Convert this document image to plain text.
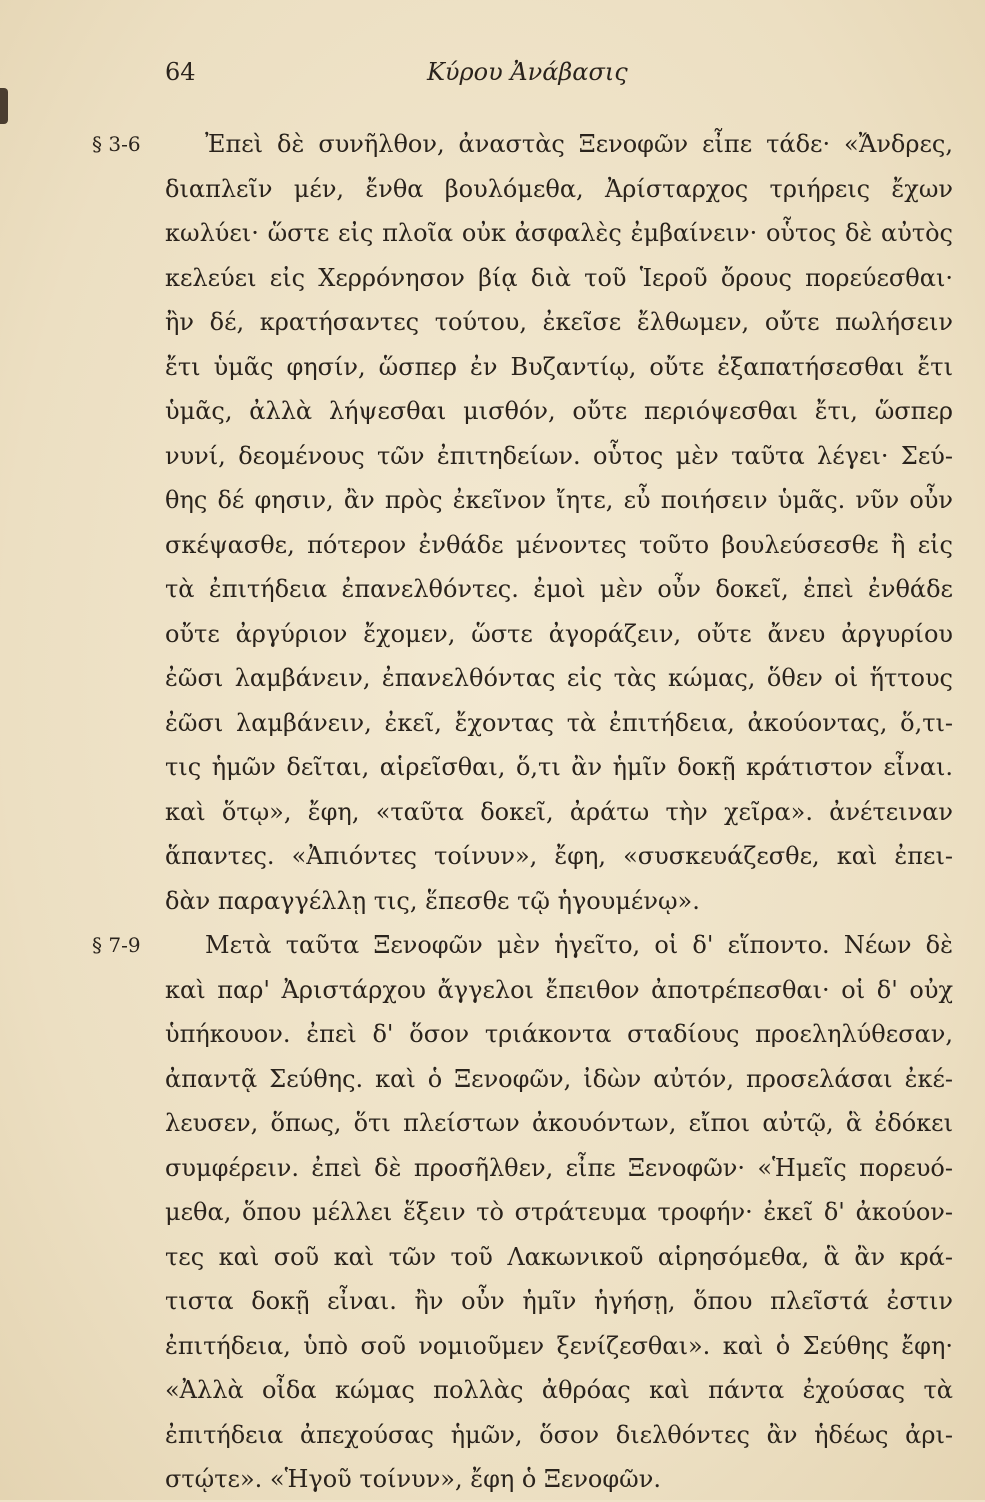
64	Κύρου Ἀνάβασις
§ 3-6	Ἐπεὶ δὲ συνῆλθον, ἀναστὰς Ξενοφῶν εἶπε τάδε· «Ἄνδρες,
διαπλεῖν μέν, ἔνθα βουλόμεθα, Ἀρίσταρχος τριήρεις ἔχων
κωλύει· ὥστε εἰς πλοῖα οὐκ ἀσφαλὲς ἐμβαίνειν· οὗτος δὲ αὐτὸς
κελεύει εἰς Χερρόνησον βίᾳ διὰ τοῦ Ἱεροῦ ὄρους πορεύεσθαι·
ἢν δέ, κρατήσαντες τούτου, ἐκεῖσε ἔλθωμεν, οὔτε πωλήσειν
ἔτι ὑμᾶς φησίν, ὥσπερ ἐν Βυζαντίῳ, οὔτε ἐξαπατήσεσθαι ἔτι
ὑμᾶς, ἀλλὰ λήψεσθαι μισθόν, οὔτε περιόψεσθαι ἔτι, ὥσπερ
νυνί, δεομένους τῶν ἐπιτηδείων. οὗτος μὲν ταῦτα λέγει· Σεύ-
θης δέ φησιν, ἂν πρὸς ἐκεῖνον ἴητε, εὖ ποιήσειν ὑμᾶς. νῦν οὖν
σκέψασθε, πότερον ἐνθάδε μένοντες τοῦτο βουλεύσεσθε ἢ εἰς
τὰ ἐπιτήδεια ἐπανελθόντες. ἐμοὶ μὲν οὖν δοκεῖ, ἐπεὶ ἐνθάδε
οὔτε ἀργύριον ἔχομεν, ὥστε ἀγοράζειν, οὔτε ἄνευ ἀργυρίου
ἐῶσι λαμβάνειν, ἐπανελθόντας εἰς τὰς κώμας, ὅθεν οἱ ἥττους
ἐῶσι λαμβάνειν, ἐκεῖ, ἔχοντας τὰ ἐπιτήδεια, ἀκούοντας, ὅ,τι-
τις ἡμῶν δεῖται, αἱρεῖσθαι, ὅ,τι ἂν ἡμῖν δοκῇ κράτιστον εἶναι.
καὶ ὅτῳ», ἔφη, «ταῦτα δοκεῖ, ἀράτω τὴν χεῖρα». ἀνέτειναν
ἅπαντες. «Ἀπιόντες τοίνυν», ἔφη, «συσκευάζεσθε, καὶ ἐπει-
δὰν παραγγέλλῃ τις, ἕπεσθε τῷ ἡγουμένῳ».
§ 7-9	Μετὰ ταῦτα Ξενοφῶν μὲν ἡγεῖτο, οἱ δ' εἵποντο. Νέων δὲ
καὶ παρ' Ἀριστάρχου ἄγγελοι ἔπειθον ἀποτρέπεσθαι· οἱ δ' οὐχ
ὑπήκουον. ἐπεὶ δ' ὅσον τριάκοντα σταδίους προεληλύθεσαν,
ἀπαντᾷ Σεύθης. καὶ ὁ Ξενοφῶν, ἰδὼν αὐτόν, προσελάσαι ἐκέ-
λευσεν, ὅπως, ὅτι πλείστων ἀκουόντων, εἴποι αὐτῷ, ἃ ἐδόκει
συμφέρειν. ἐπεὶ δὲ προσῆλθεν, εἶπε Ξενοφῶν· «Ἡμεῖς πορευό-
μεθα, ὅπου μέλλει ἕξειν τὸ στράτευμα τροφήν· ἐκεῖ δ' ἀκούον-
τες καὶ σοῦ καὶ τῶν τοῦ Λακωνικοῦ αἱρησόμεθα, ἃ ἂν κρά-
τιστα δοκῇ εἶναι. ἢν οὖν ἡμῖν ἡγήσῃ, ὅπου πλεῖστά ἐστιν
ἐπιτήδεια, ὑπὸ σοῦ νομιοῦμεν ξενίζεσθαι». καὶ ὁ Σεύθης ἔφη·
«Ἀλλὰ οἶδα κώμας πολλὰς ἀθρόας καὶ πάντα ἐχούσας τὰ
ἐπιτήδεια ἀπεχούσας ἡμῶν, ὅσον διελθόντες ἂν ἡδέως ἀρι-
στῴτε». «Ἡγοῦ τοίνυν», ἔφη ὁ Ξενοφῶν.
